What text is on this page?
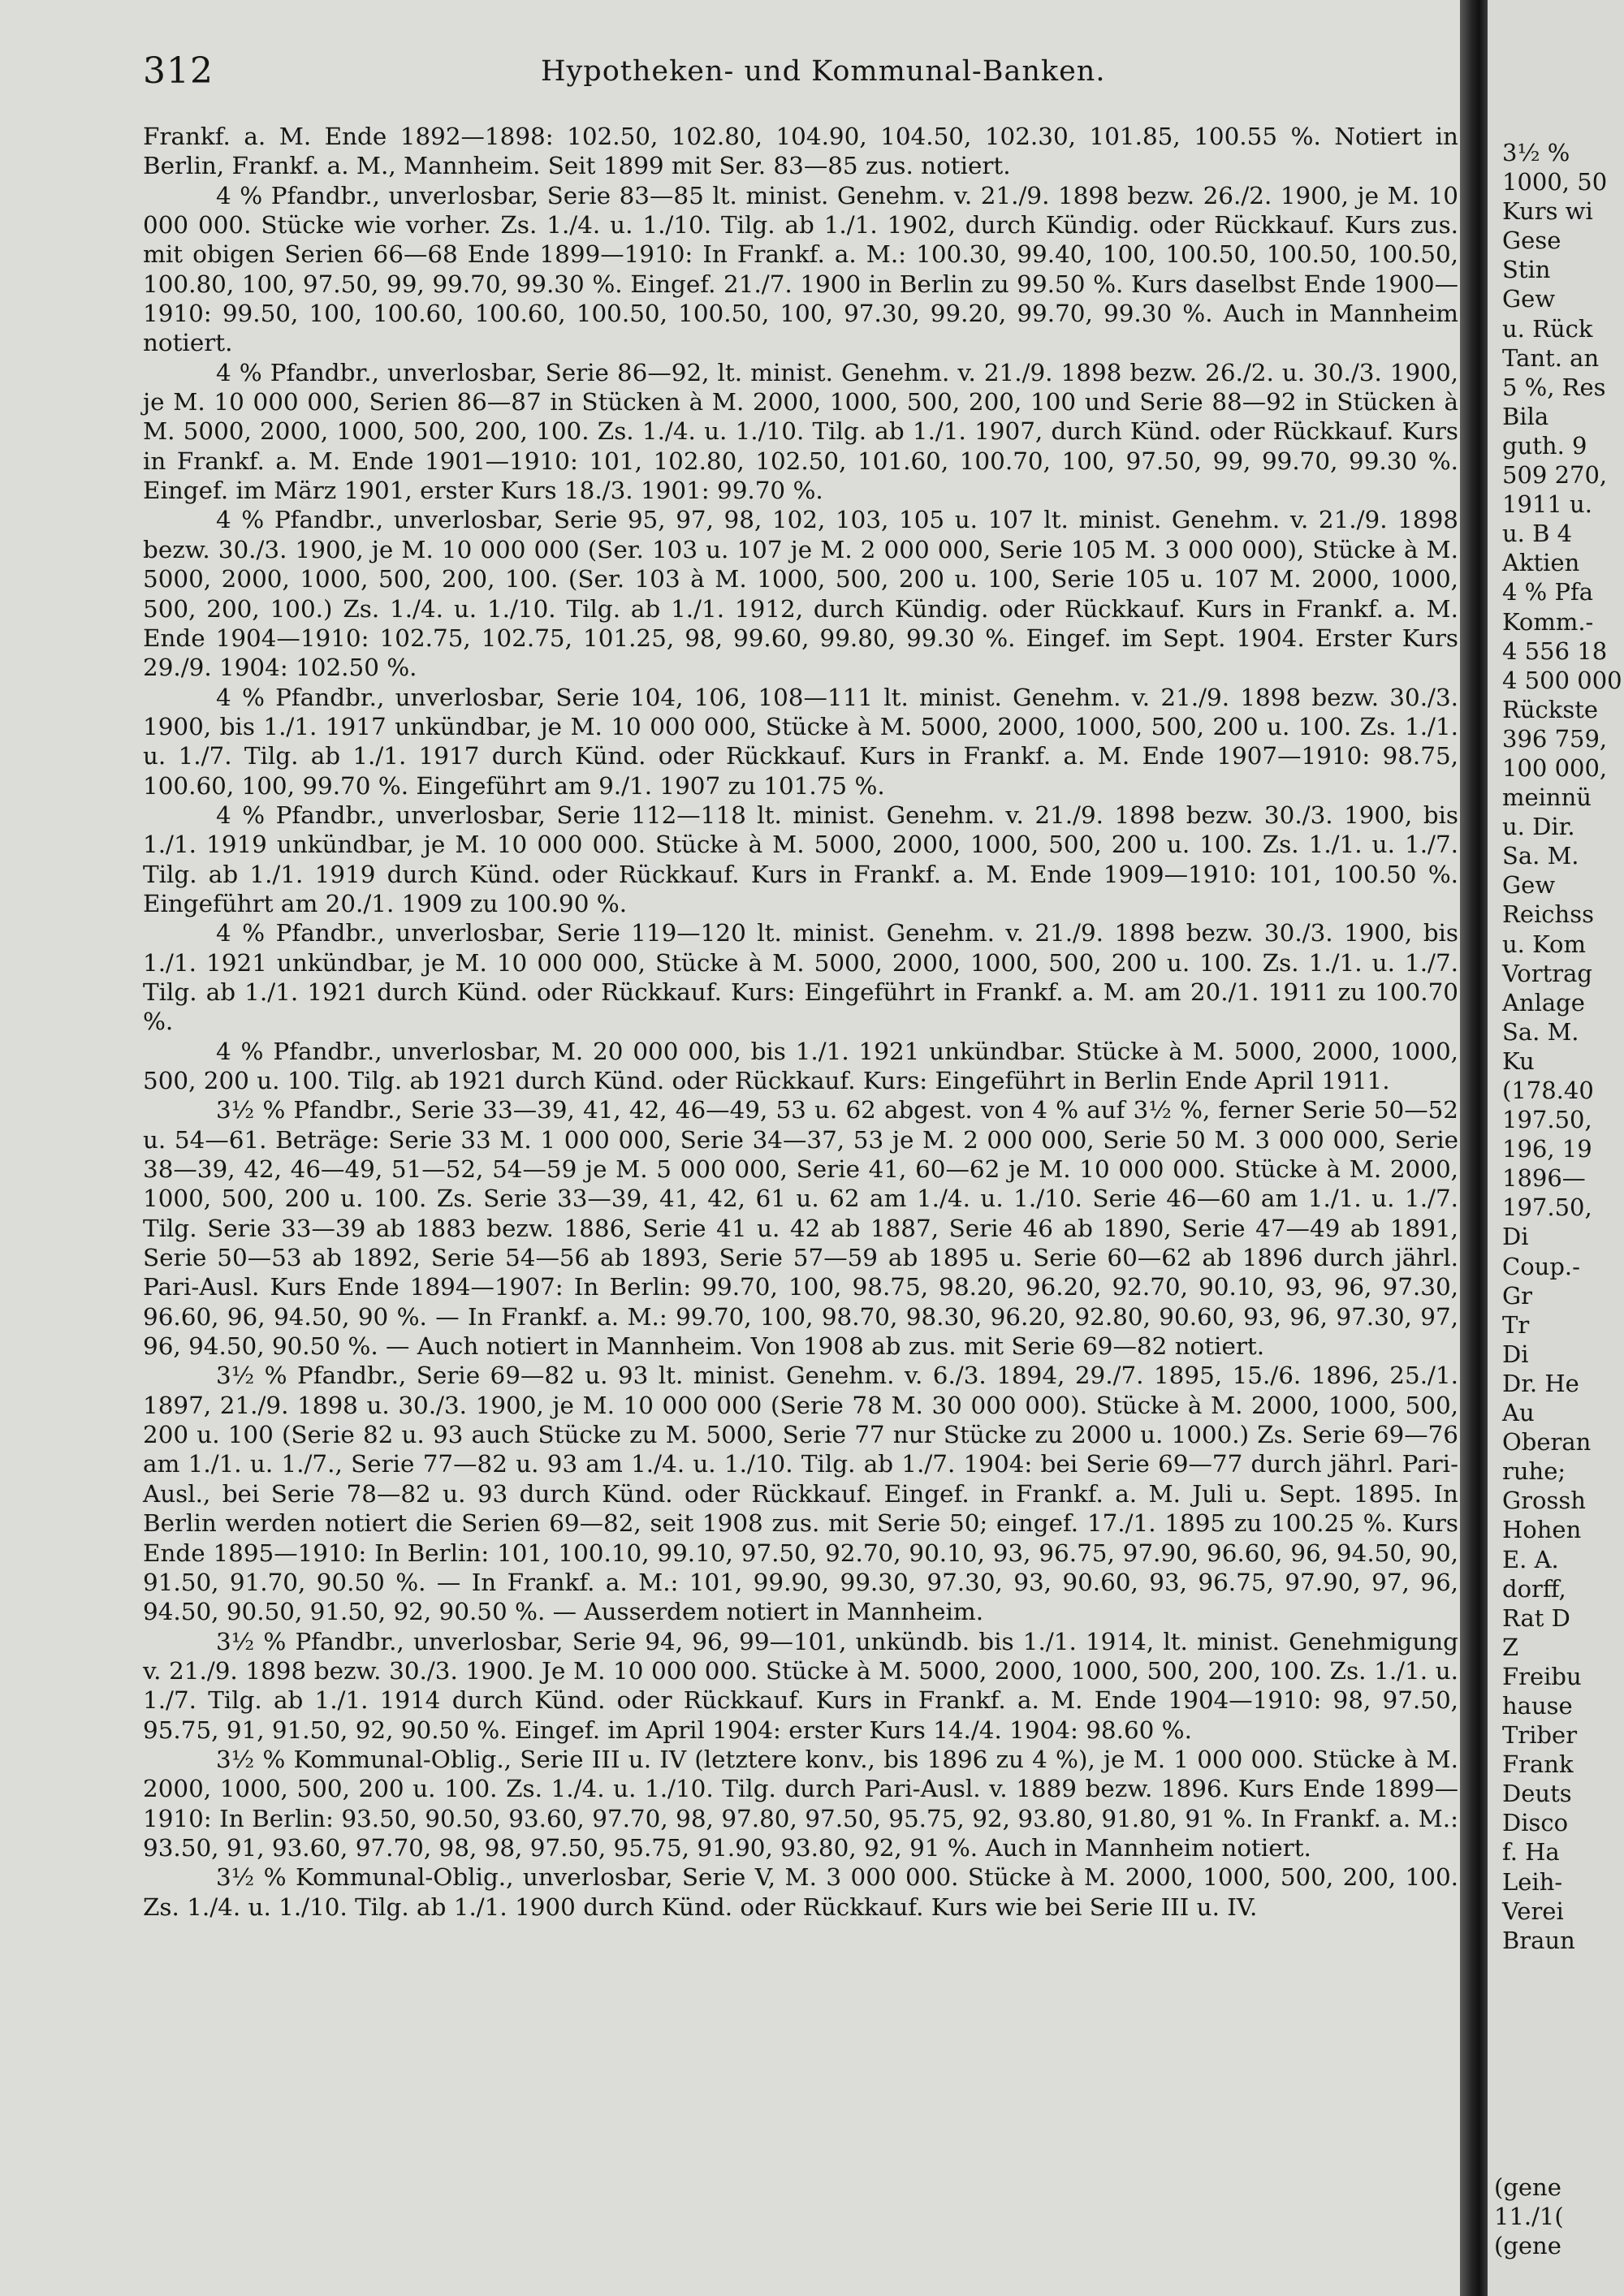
312	Hypotheken- und Kommunal-Banken.

Frankf. a. M. Ende 1892—1898: 102.50, 102.80, 104.90, 104.50, 102.30, 101.85, 100.55 %. Notiert in Berlin, Frankf. a. M., Mannheim. Seit 1899 mit Ser. 83—85 zus. notiert.

4 % Pfandbr., unverlosbar, Serie 83—85 lt. minist. Genehm. v. 21./9. 1898 bezw. 26./2. 1900, je M. 10 000 000. Stücke wie vorher. Zs. 1./4. u. 1./10. Tilg. ab 1./1. 1902, durch Kündig. oder Rückkauf. Kurs zus. mit obigen Serien 66—68 Ende 1899—1910: In Frankf. a. M.: 100.30, 99.40, 100, 100.50, 100.50, 100.50, 100.80, 100, 97.50, 99, 99.70, 99.30 %. Eingef. 21./7. 1900 in Berlin zu 99.50 %. Kurs daselbst Ende 1900—1910: 99.50, 100, 100.60, 100.60, 100.50, 100.50, 100, 97.30, 99.20, 99.70, 99.30 %. Auch in Mannheim notiert.

4 % Pfandbr., unverlosbar, Serie 86—92, lt. minist. Genehm. v. 21./9. 1898 bezw. 26./2. u. 30./3. 1900, je M. 10 000 000, Serien 86—87 in Stücken à M. 2000, 1000, 500, 200, 100 und Serie 88—92 in Stücken à M. 5000, 2000, 1000, 500, 200, 100. Zs. 1./4. u. 1./10. Tilg. ab 1./1. 1907, durch Künd. oder Rückkauf. Kurs in Frankf. a. M. Ende 1901—1910: 101, 102.80, 102.50, 101.60, 100.70, 100, 97.50, 99, 99.70, 99.30 %. Eingef. im März 1901, erster Kurs 18./3. 1901: 99.70 %.

4 % Pfandbr., unverlosbar, Serie 95, 97, 98, 102, 103, 105 u. 107 lt. minist. Genehm. v. 21./9. 1898 bezw. 30./3. 1900, je M. 10 000 000 (Ser. 103 u. 107 je M. 2 000 000, Serie 105 M. 3 000 000), Stücke à M. 5000, 2000, 1000, 500, 200, 100. (Ser. 103 à M. 1000, 500, 200 u. 100, Serie 105 u. 107 M. 2000, 1000, 500, 200, 100.) Zs. 1./4. u. 1./10. Tilg. ab 1./1. 1912, durch Kündig. oder Rückkauf. Kurs in Frankf. a. M. Ende 1904—1910: 102.75, 102.75, 101.25, 98, 99.60, 99.80, 99.30 %. Eingef. im Sept. 1904. Erster Kurs 29./9. 1904: 102.50 %.

4 % Pfandbr., unverlosbar, Serie 104, 106, 108—111 lt. minist. Genehm. v. 21./9. 1898 bezw. 30./3. 1900, bis 1./1. 1917 unkündbar, je M. 10 000 000, Stücke à M. 5000, 2000, 1000, 500, 200 u. 100. Zs. 1./1. u. 1./7. Tilg. ab 1./1. 1917 durch Künd. oder Rückkauf. Kurs in Frankf. a. M. Ende 1907—1910: 98.75, 100.60, 100, 99.70 %. Eingeführt am 9./1. 1907 zu 101.75 %.

4 % Pfandbr., unverlosbar, Serie 112—118 lt. minist. Genehm. v. 21./9. 1898 bezw. 30./3. 1900, bis 1./1. 1919 unkündbar, je M. 10 000 000. Stücke à M. 5000, 2000, 1000, 500, 200 u. 100. Zs. 1./1. u. 1./7. Tilg. ab 1./1. 1919 durch Künd. oder Rückkauf. Kurs in Frankf. a. M. Ende 1909—1910: 101, 100.50 %. Eingeführt am 20./1. 1909 zu 100.90 %.

4 % Pfandbr., unverlosbar, Serie 119—120 lt. minist. Genehm. v. 21./9. 1898 bezw. 30./3. 1900, bis 1./1. 1921 unkündbar, je M. 10 000 000, Stücke à M. 5000, 2000, 1000, 500, 200 u. 100. Zs. 1./1. u. 1./7. Tilg. ab 1./1. 1921 durch Künd. oder Rückkauf. Kurs: Eingeführt in Frankf. a. M. am 20./1. 1911 zu 100.70 %.

4 % Pfandbr., unverlosbar, M. 20 000 000, bis 1./1. 1921 unkündbar. Stücke à M. 5000, 2000, 1000, 500, 200 u. 100. Tilg. ab 1921 durch Künd. oder Rückkauf. Kurs: Eingeführt in Berlin Ende April 1911.

3½ % Pfandbr., Serie 33—39, 41, 42, 46—49, 53 u. 62 abgest. von 4 % auf 3½ %, ferner Serie 50—52 u. 54—61. Beträge: Serie 33 M. 1 000 000, Serie 34—37, 53 je M. 2 000 000, Serie 50 M. 3 000 000, Serie 38—39, 42, 46—49, 51—52, 54—59 je M. 5 000 000, Serie 41, 60—62 je M. 10 000 000. Stücke à M. 2000, 1000, 500, 200 u. 100. Zs. Serie 33—39, 41, 42, 61 u. 62 am 1./4. u. 1./10. Serie 46—60 am 1./1. u. 1./7. Tilg. Serie 33—39 ab 1883 bezw. 1886, Serie 41 u. 42 ab 1887, Serie 46 ab 1890, Serie 47—49 ab 1891, Serie 50—53 ab 1892, Serie 54—56 ab 1893, Serie 57—59 ab 1895 u. Serie 60—62 ab 1896 durch jährl. Pari-Ausl. Kurs Ende 1894—1907: In Berlin: 99.70, 100, 98.75, 98.20, 96.20, 92.70, 90.10, 93, 96, 97.30, 96.60, 96, 94.50, 90 %. — In Frankf. a. M.: 99.70, 100, 98.70, 98.30, 96.20, 92.80, 90.60, 93, 96, 97.30, 97, 96, 94.50, 90.50 %. — Auch notiert in Mannheim. Von 1908 ab zus. mit Serie 69—82 notiert.

3½ % Pfandbr., Serie 69—82 u. 93 lt. minist. Genehm. v. 6./3. 1894, 29./7. 1895, 15./6. 1896, 25./1. 1897, 21./9. 1898 u. 30./3. 1900, je M. 10 000 000 (Serie 78 M. 30 000 000). Stücke à M. 2000, 1000, 500, 200 u. 100 (Serie 82 u. 93 auch Stücke zu M. 5000, Serie 77 nur Stücke zu 2000 u. 1000.) Zs. Serie 69—76 am 1./1. u. 1./7., Serie 77—82 u. 93 am 1./4. u. 1./10. Tilg. ab 1./7. 1904: bei Serie 69—77 durch jährl. Pari-Ausl., bei Serie 78—82 u. 93 durch Künd. oder Rückkauf. Eingef. in Frankf. a. M. Juli u. Sept. 1895. In Berlin werden notiert die Serien 69—82, seit 1908 zus. mit Serie 50; eingef. 17./1. 1895 zu 100.25 %. Kurs Ende 1895—1910: In Berlin: 101, 100.10, 99.10, 97.50, 92.70, 90.10, 93, 96.75, 97.90, 96.60, 96, 94.50, 90, 91.50, 91.70, 90.50 %. — In Frankf. a. M.: 101, 99.90, 99.30, 97.30, 93, 90.60, 93, 96.75, 97.90, 97, 96, 94.50, 90.50, 91.50, 92, 90.50 %. — Ausserdem notiert in Mannheim.

3½ % Pfandbr., unverlosbar, Serie 94, 96, 99—101, unkündb. bis 1./1. 1914, lt. minist. Genehmigung v. 21./9. 1898 bezw. 30./3. 1900. Je M. 10 000 000. Stücke à M. 5000, 2000, 1000, 500, 200, 100. Zs. 1./1. u. 1./7. Tilg. ab 1./1. 1914 durch Künd. oder Rückkauf. Kurs in Frankf. a. M. Ende 1904—1910: 98, 97.50, 95.75, 91, 91.50, 92, 90.50 %. Eingef. im April 1904: erster Kurs 14./4. 1904: 98.60 %.

3½ % Kommunal-Oblig., Serie III u. IV (letztere konv., bis 1896 zu 4 %), je M. 1 000 000. Stücke à M. 2000, 1000, 500, 200 u. 100. Zs. 1./4. u. 1./10. Tilg. durch Pari-Ausl. v. 1889 bezw. 1896. Kurs Ende 1899—1910: In Berlin: 93.50, 90.50, 93.60, 97.70, 98, 97.80, 97.50, 95.75, 92, 93.80, 91.80, 91 %. In Frankf. a. M.: 93.50, 91, 93.60, 97.70, 98, 98, 97.50, 95.75, 91.90, 93.80, 92, 91 %. Auch in Mannheim notiert.

3½ % Kommunal-Oblig., unverlosbar, Serie V, M. 3 000 000. Stücke à M. 2000, 1000, 500, 200, 100. Zs. 1./4. u. 1./10. Tilg. ab 1./1. 1900 durch Künd. oder Rückkauf. Kurs wie bei Serie III u. IV.

3½ %
1000, 50
Kurs wi
Gese
Stin
Gew
u. Rück
Tant. an
5 %, Res
Bila
guth. 9
509 270,
1911 u.
u. B 4
Aktien
4 % Pfa
Komm.-
4 556 18
4 500 000
Rückste
396 759,
100 000,
meinnü
u. Dir.
Sa. M.
Gew
Reichss
u. Kom
Vortrag
Anlage
Sa. M.
Ku
(178.40
197.50,
196, 19
1896—
197.50,
Di
Coup.-
Gr
Tr
Di
Dr. He
Au
Oberan
ruhe;
Grossh
Hohen
E. A.
dorff,
Rat D
Z
Freibu
hause
Triber
Frank
Deuts
Disco
f. Ha
Leih-
Verei
Braun
(gene
11./1(
(gene
